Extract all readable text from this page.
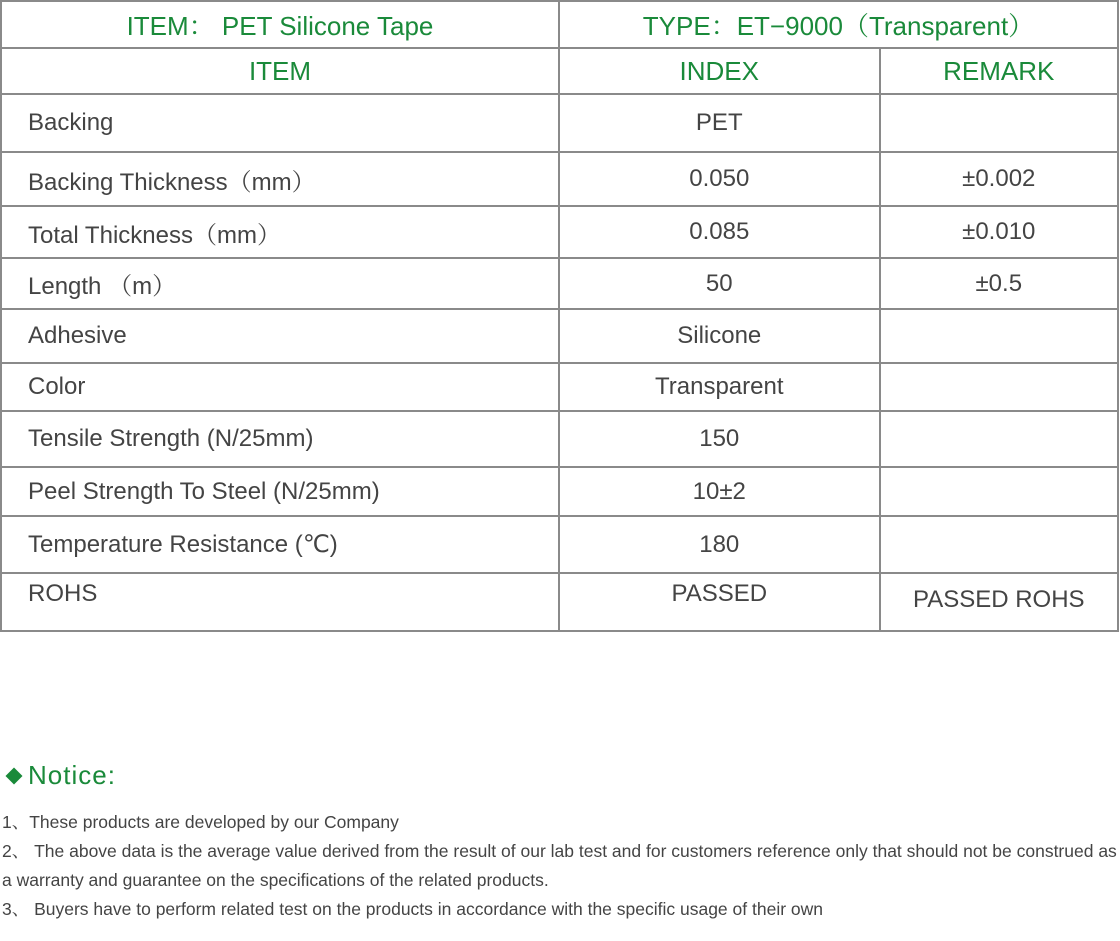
ITEM： PET Silicone Tape	TYPE：ET−9000（Transparent）	
ITEM	INDEX	REMARK
Backing	PET	
Backing Thickness（mm）	0.050	±0.002
Total Thickness（mm）	0.085	±0.010
Length （m）	50	±0.5
Adhesive	Silicone	
Color	Transparent	
Tensile Strength (N/25mm)	150	
Peel Strength To Steel (N/25mm)	10±2	
Temperature Resistance (℃)	180	
ROHS	PASSED	PASSED ROHS
Notice:

1、These products are developed by our Company

2、 The above data is the average value derived from the result of our lab test and for customers reference only that should not be construed as a warranty and guarantee on the specifications of the related products.

3、 Buyers have to perform related test on the products in accordance with the specific usage of their own
